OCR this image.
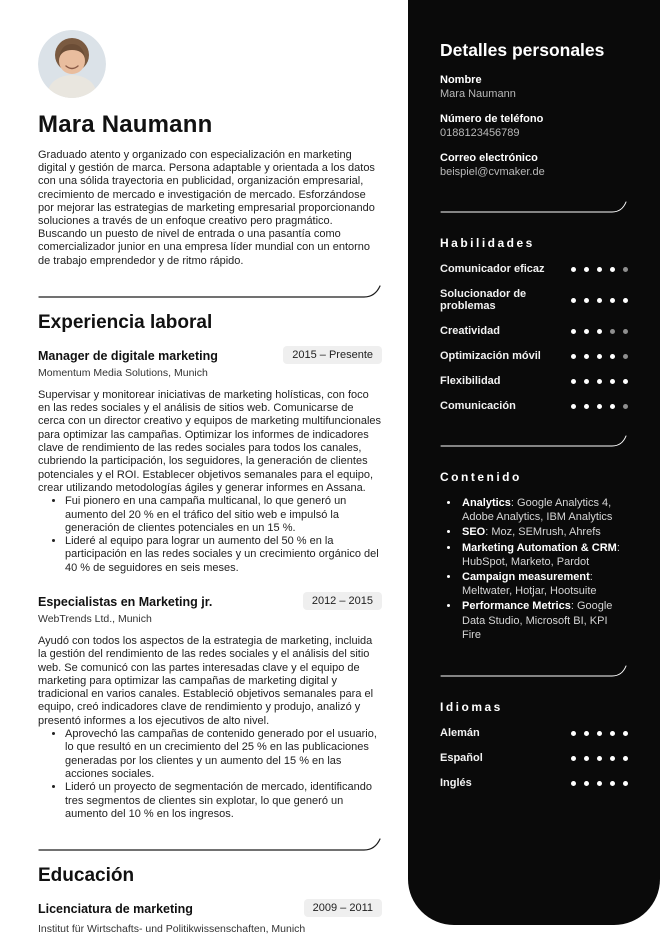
Mara Naumann
Graduado atento y organizado con especialización en marketing digital y gestión de marca. Persona adaptable y orientada a los datos con una sólida trayectoria en publicidad, organización empresarial, crecimiento de mercado e investigación de mercado. Esforzándose por mejorar las estrategias de marketing empresarial proporcionando soluciones a través de un enfoque creativo pero pragmático. Buscando un puesto de nivel de entrada o una pasantía como comercializador junior en una empresa líder mundial con un entorno de trabajo emprendedor y de ritmo rápido.
Experiencia laboral
Manager de digitale marketing	2015 – Presente
Momentum Media Solutions, Munich
Supervisar y monitorear iniciativas de marketing holísticas, con foco en las redes sociales y el análisis de sitios web. Comunicarse de cerca con un director creativo y equipos de marketing multifuncionales para optimizar las campañas. Optimizar los informes de indicadores clave de rendimiento de las redes sociales para todos los canales, cubriendo la participación, los seguidores, la generación de clientes potenciales y el ROI. Establecer objetivos semanales para el equipo, crear utilizando metodologías ágiles y generar informes en Assana.
• Fui pionero en una campaña multicanal, lo que generó un aumento del 20 % en el tráfico del sitio web e impulsó la generación de clientes potenciales en un 15 %.
• Lideré al equipo para lograr un aumento del 50 % en la participación en las redes sociales y un crecimiento orgánico del 40 % de seguidores en seis meses.
Especialistas en Marketing jr.	2012 – 2015
WebTrends Ltd., Munich
Ayudó con todos los aspectos de la estrategia de marketing, incluida la gestión del rendimiento de las redes sociales y el análisis del sitio web. Se comunicó con las partes interesadas clave y el equipo de marketing para optimizar las campañas de marketing digital y tradicional en varios canales. Estableció objetivos semanales para el equipo, creó indicadores clave de rendimiento y produjo, analizó y presentó informes a los ejecutivos de alto nivel.
• Aprovechó las campañas de contenido generado por el usuario, lo que resultó en un crecimiento del 25 % en las publicaciones generadas por los clientes y un aumento del 15 % en las acciones sociales.
• Lideró un proyecto de segmentación de mercado, identificando tres segmentos de clientes sin explotar, lo que generó un aumento del 10 % en los ingresos.
Educación
Licenciatura de marketing	2009 – 2011
Institut für Wirtschafts- und Politikwissenschaften, Munich
Detalles personales
Nombre
Mara Naumann
Número de teléfono
0188123456789
Correo electrónico
beispiel@cvmaker.de
Habilidades
Comunicador eficaz
Solucionador de problemas
Creatividad
Optimización móvil
Flexibilidad
Comunicación
Contenido
• Analytics: Google Analytics 4, Adobe Analytics, IBM Analytics
• SEO: Moz, SEMrush, Ahrefs
• Marketing Automation & CRM: HubSpot, Marketo, Pardot
• Campaign measurement: Meltwater, Hotjar, Hootsuite
• Performance Metrics: Google Data Studio, Microsoft BI, KPI Fire
Idiomas
Alemán
Español
Inglés
